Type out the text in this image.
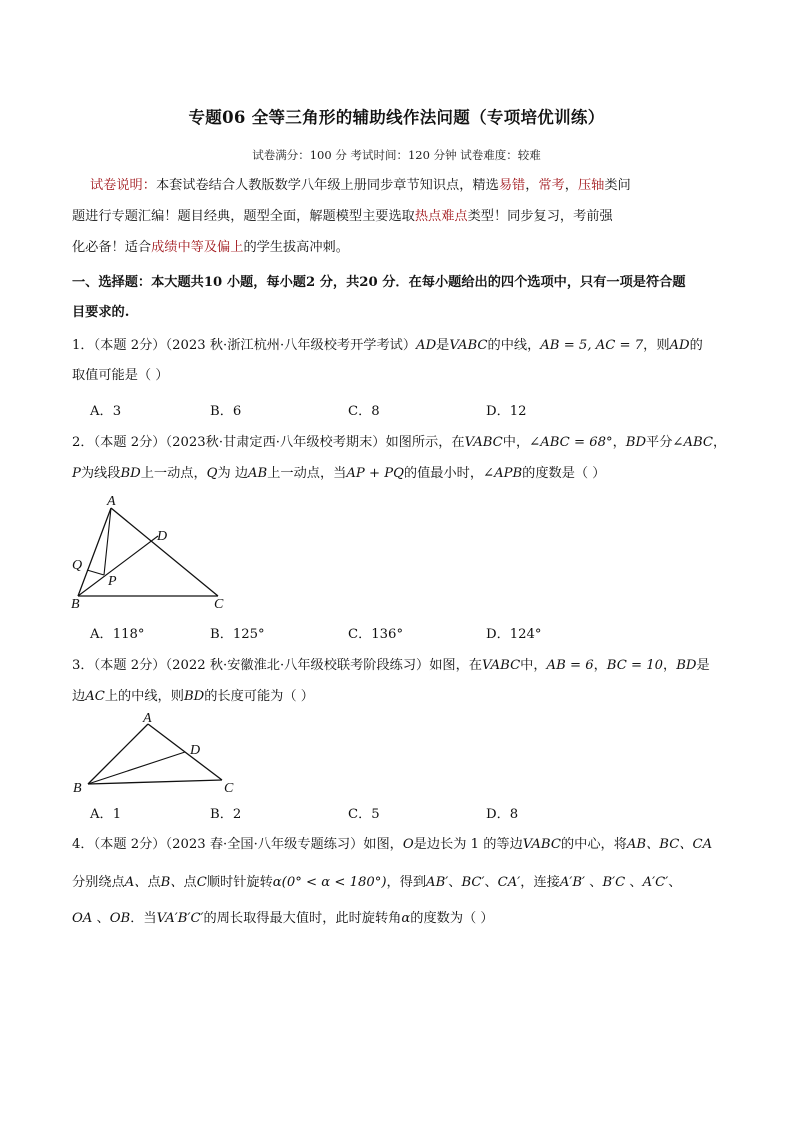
专题06 全等三角形的辅助线作法问题（专项培优训练）
试卷满分：100 分 考试时间：120 分钟 试卷难度：较难
试卷说明：本套试卷结合人教版数学八年级上册同步章节知识点，精选易错，常考，压轴类问
题进行专题汇编！题目经典，题型全面，解题模型主要选取热点难点类型！同步复习，考前强
化必备！适合成绩中等及偏上的学生拔高冲刺。
一、选择题：本大题共10 小题，每小题2 分，共20 分．在每小题给出的四个选项中，只有一项是符合题
目要求的.
1．（本题 2分）（2023 秋·浙江杭州·八年级校考开学考试）AD是VABC的中线，AB = 5, AC = 7，则AD的
取值可能是（ ）
A．3	B．6	C．8	D．12
2．（本题 2分）（2023秋·甘肃定西·八年级校考期末）如图所示，在VABC中，∠ABC = 68°，BD平分∠ABC，
P为线段BD上一动点，Q为 边AB上一动点，当AP + PQ的值最小时，∠APB的度数是（ ）
A
D
Q
P
B	C
A．118°	B．125°	C．136°	D．124°
3．（本题 2分）（2022 秋·安徽淮北·八年级校联考阶段练习）如图，在VABC中，AB = 6，BC = 10，BD是
边AC上的中线，则BD的长度可能为（ ）
A
D
B	C
A．1	B．2	C．5	D．8
4．（本题 2分）（2023 春·全国·八年级专题练习）如图，O是边长为 1 的等边VABC的中心，将AB、BC、CA
分别绕点A、点B、点C顺时针旋转α(0° < α < 180°)，得到AB′、BC′、CA′，连接A′B′ 、B′C 、A′C′、
OA 、OB．当VA′B′C′的周长取得最大值时，此时旋转角α的度数为（ ）
